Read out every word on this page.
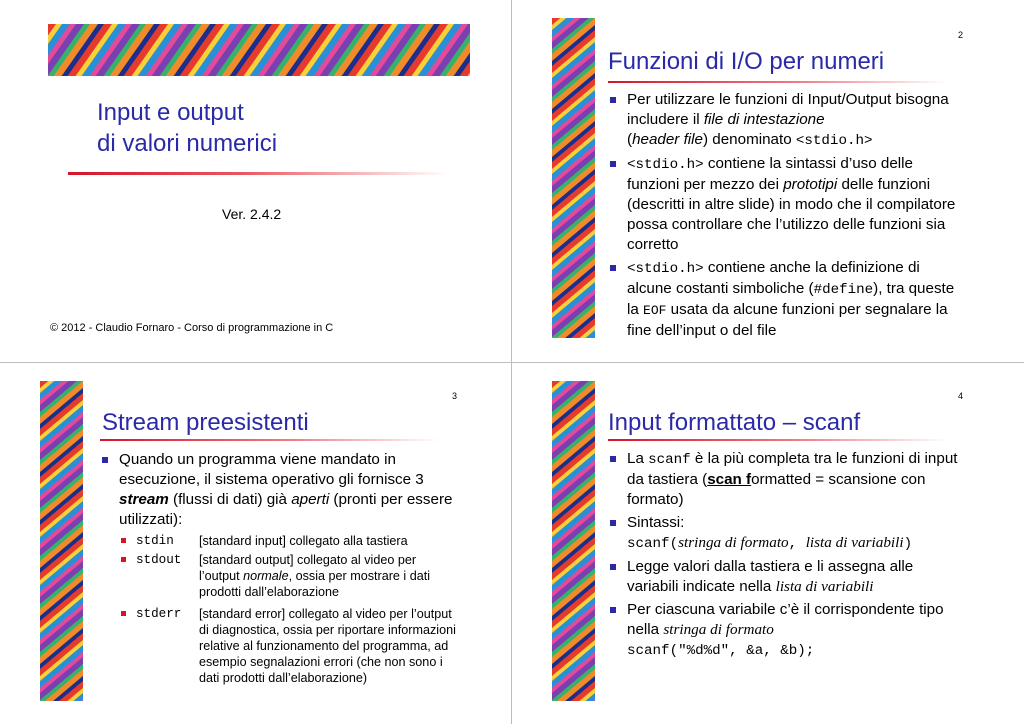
Input e output
di valori numerici
Ver. 2.4.2
© 2012 - Claudio Fornaro - Corso di programmazione in C
2
Funzioni di I/O per numeri
Per utilizzare le funzioni di Input/Output bisogna includere il file di intestazione
(header file) denominato <stdio.h>
<stdio.h> contiene la sintassi d’uso delle funzioni per mezzo dei prototipi delle funzioni (descritti in altre slide) in modo che il compilatore possa controllare che l’utilizzo delle funzioni sia corretto
<stdio.h> contiene anche la definizione di alcune costanti simboliche (#define), tra queste la EOF usata da alcune funzioni per segnalare la fine dell’input o del file
3
Stream preesistenti
Quando un programma viene mandato in esecuzione, il sistema operativo gli fornisce 3 stream (flussi di dati) già aperti (pronti per essere utilizzati):
stdin [standard input] collegato alla tastiera
stdout [standard output] collegato al video per l’output normale, ossia per mostrare i dati prodotti dall’elaborazione
stderr [standard error] collegato al video per l’output di diagnostica, ossia per riportare informazioni relative al funzionamento del programma, ad esempio segnalazioni errori (che non sono i dati prodotti dall’elaborazione)
4
Input formattato – scanf
La scanf è la più completa tra le funzioni di input da tastiera (scan formatted = scansione con formato)
Sintassi:
scanf(stringa di formato, lista di variabili)
Legge valori dalla tastiera e li assegna alle variabili indicate nella lista di variabili
Per ciascuna variabile c’è il corrispondente tipo nella stringa di formato
scanf("%d%d", &a, &b);
